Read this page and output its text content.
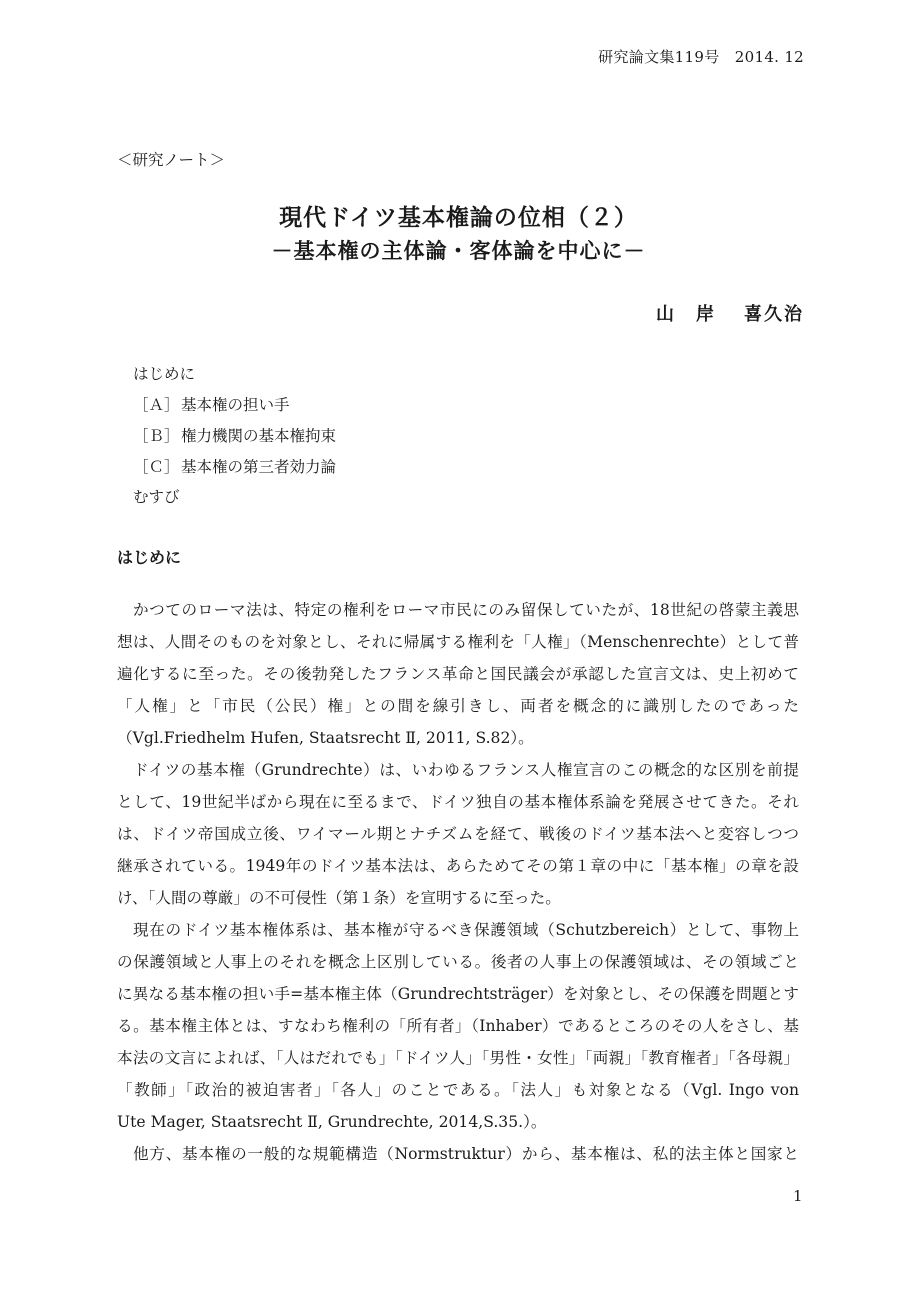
研究論文集119号　2014. 12
＜研究ノート＞
現代ドイツ基本権論の位相（２）
－基本権の主体論・客体論を中心に－
山　岸 喜久治
はじめに
［Ａ］基本権の担い手
［Ｂ］権力機関の基本権拘束
［Ｃ］基本権の第三者効力論
むすび
はじめに
かつてのローマ法は、特定の権利をローマ市民にのみ留保していたが、18世紀の啓蒙主義思
想は、人間そのものを対象とし、それに帰属する権利を「人権」（Menschenrechte）として普
遍化するに至った。その後勃発したフランス革命と国民議会が承認した宣言文は、史上初めて
「人権」と「市民（公民）権」との間を線引きし、両者を概念的に識別したのであった
（Vgl.Friedhelm Hufen, Staatsrecht Ⅱ, 2011, S.82）。
ドイツの基本権（Grundrechte）は、いわゆるフランス人権宣言のこの概念的な区別を前提
として、19世紀半ばから現在に至るまで、ドイツ独自の基本権体系論を発展させてきた。それ
は、ドイツ帝国成立後、ワイマール期とナチズムを経て、戦後のドイツ基本法へと変容しつつ
継承されている。1949年のドイツ基本法は、あらためてその第１章の中に「基本権」の章を設
け、「人間の尊厳」の不可侵性（第１条）を宣明するに至った。
現在のドイツ基本権体系は、基本権が守るべき保護領域（Schutzbereich）として、事物上
の保護領域と人事上のそれを概念上区別している。後者の人事上の保護領域は、その領域ごと
に異なる基本権の担い手=基本権主体（Grundrechtsträger）を対象とし、その保護を問題とす
る。基本権主体とは、すなわち権利の「所有者」（Inhaber）であるところのその人をさし、基
本法の文言によれば、「人はだれでも」「ドイツ人」「男性・女性」「両親」「教育権者」「各母親」
「教師」「政治的被迫害者」「各人」のことである。「法人」も対象となる（Vgl. Ingo von
Ute Mager, Staatsrecht Ⅱ, Grundrechte, 2014,S.35.）。
他方、基本権の一般的な規範構造（Normstruktur）から、基本権は、私的法主体と国家と
1
